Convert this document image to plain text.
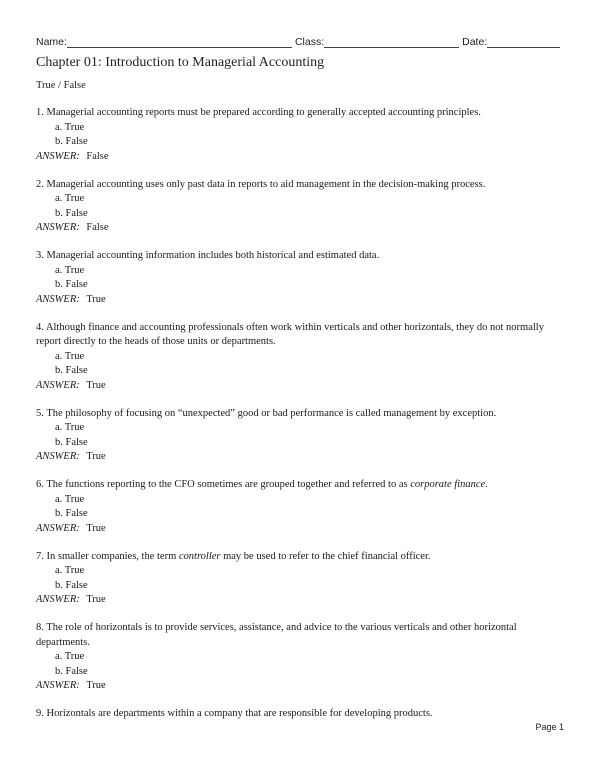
Name:	Class:	Date:
Chapter 01: Introduction to Managerial Accounting
True / False
1. Managerial accounting reports must be prepared according to generally accepted accounting principles.
a. True
b. False
ANSWER: False
2. Managerial accounting uses only past data in reports to aid management in the decision-making process.
a. True
b. False
ANSWER: False
3. Managerial accounting information includes both historical and estimated data.
a. True
b. False
ANSWER: True
4. Although finance and accounting professionals often work within verticals and other horizontals, they do not normally report directly to the heads of those units or departments.
a. True
b. False
ANSWER: True
5. The philosophy of focusing on “unexpected” good or bad performance is called management by exception.
a. True
b. False
ANSWER: True
6. The functions reporting to the CFO sometimes are grouped together and referred to as corporate finance.
a. True
b. False
ANSWER: True
7. In smaller companies, the term controller may be used to refer to the chief financial officer.
a. True
b. False
ANSWER: True
8. The role of horizontals is to provide services, assistance, and advice to the various verticals and other horizontal departments.
a. True
b. False
ANSWER: True
9. Horizontals are departments within a company that are responsible for developing products.
Page 1
